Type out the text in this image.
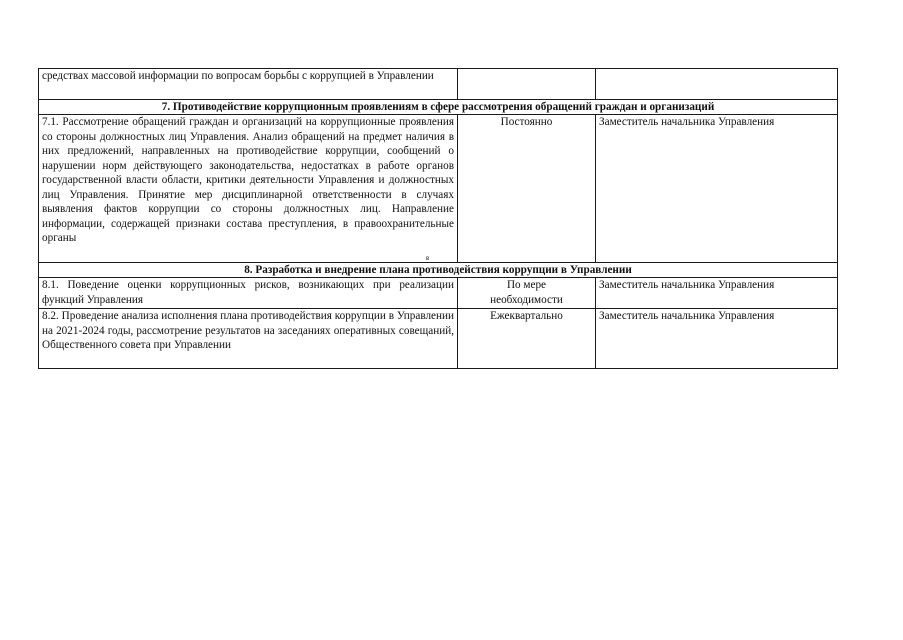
средствах массовой информации по вопросам борьбы с коррупцией в Управлении		

7. Противодействие коррупционным проявлениям в сфере рассмотрения обращений граждан и организаций		

7.1. Рассмотрение обращений граждан и организаций на коррупционные проявления со стороны должностных лиц Управления. Анализ обращений на предмет наличия в них предложений, направленных на противодействие коррупции, сообщений о нарушении норм действующего законодательства, недостатках в работе органов государственной власти области, критики деятельности Управления и должностных лиц Управления. Принятие мер дисциплинарной ответственности в случаях выявления фактов коррупции со стороны должностных лиц. Направление информации, содержащей признаки состава преступления, в правоохранительные органы	Постоянно	Заместитель начальника Управления

8. Разработка и внедрение плана противодействия коррупции в Управлении		

8.1. Поведение оценки коррупционных рисков, возникающих при реализации функций Управления	По мере необходимости	Заместитель начальника Управления

8.2. Проведение анализа исполнения плана противодействия коррупции в Управлении на 2021-2024 годы, рассмотрение результатов на заседаниях оперативных совещаний, Общественного совета при Управлении	Ежеквартально	Заместитель начальника Управления
в
